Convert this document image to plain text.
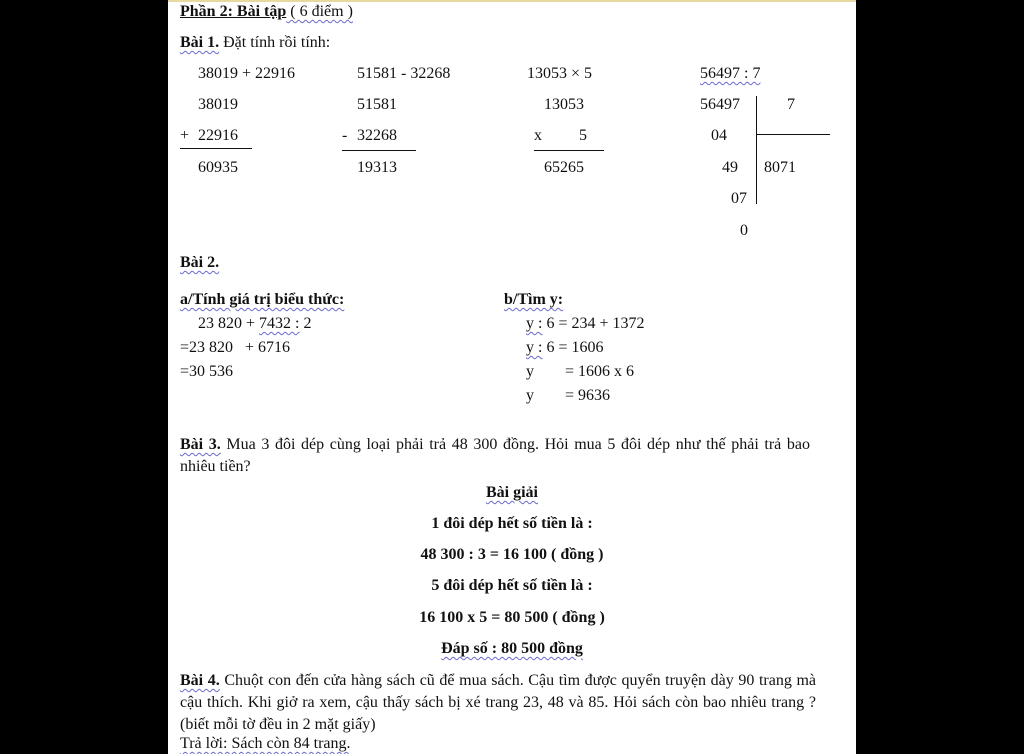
Phần 2: Bài tập ( 6 điểm )
Bài 1. Đặt tính rồi tính:
38019 + 22916
38019
+ 22916
60935
51581 - 32268
51581
- 32268
19313
13053 × 5
13053
x 5
65265
56497 : 7
56497	7
04
49 8071
07
0
Bài 2.
a/Tính giá trị biểu thức:
23 820 + 7432 : 2
=23 820   + 6716
=30 536
b/Tìm y:
y : 6 = 234 + 1372
y : 6 = 1606
y = 1606 x 6
y = 9636
Bài 3. Mua 3 đôi dép cùng loại phải trả 48 300 đồng. Hỏi mua 5 đôi dép như thế phải trả bao nhiêu tiền?
Bài giải
1 đôi dép hết số tiền là :
48 300 : 3 = 16 100 ( đồng )
5 đôi dép hết số tiền là :
16 100 x 5 = 80 500 ( đồng )
Đáp số : 80 500 đồng
Bài 4. Chuột con đến cửa hàng sách cũ để mua sách. Cậu tìm được quyển truyện dày 90 trang mà cậu thích. Khi giở ra xem, cậu thấy sách bị xé trang 23, 48 và 85. Hỏi sách còn bao nhiêu trang ? (biết mỗi tờ đều in 2 mặt giấy)
Trả lời: Sách còn 84 trang.
